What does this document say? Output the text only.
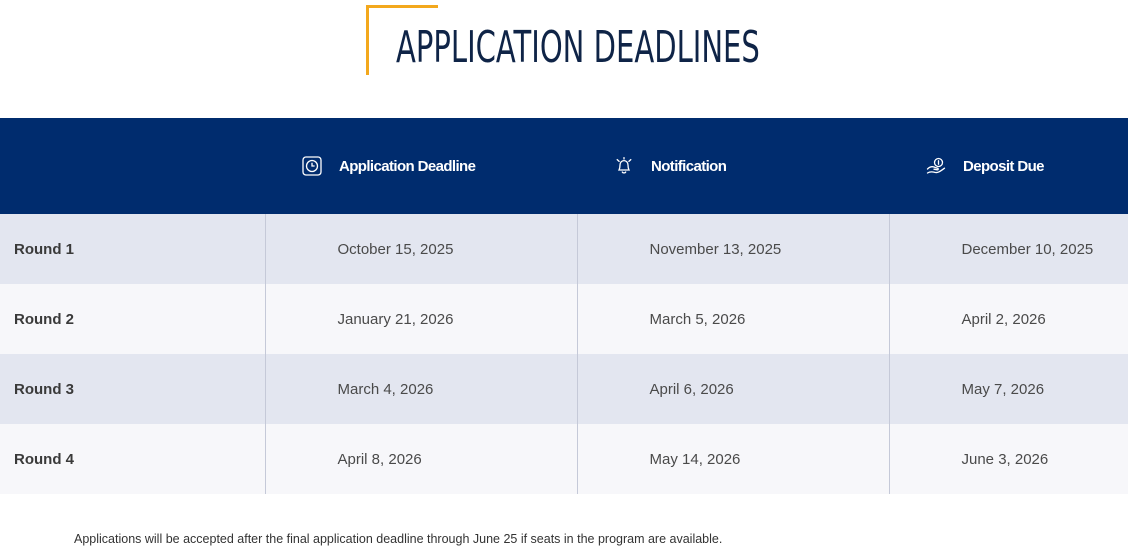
APPLICATION DEADLINES

	Application Deadline	Notification	Deposit Due

Round 1	October 15, 2025	November 13, 2025	December 10, 2025
Round 2	January 21, 2026	March 5, 2026	April 2, 2026
Round 3	March 4, 2026	April 6, 2026	May 7, 2026
Round 4	April 8, 2026	May 14, 2026	June 3, 2026

Applications will be accepted after the final application deadline through June 25 if seats in the program are available.
